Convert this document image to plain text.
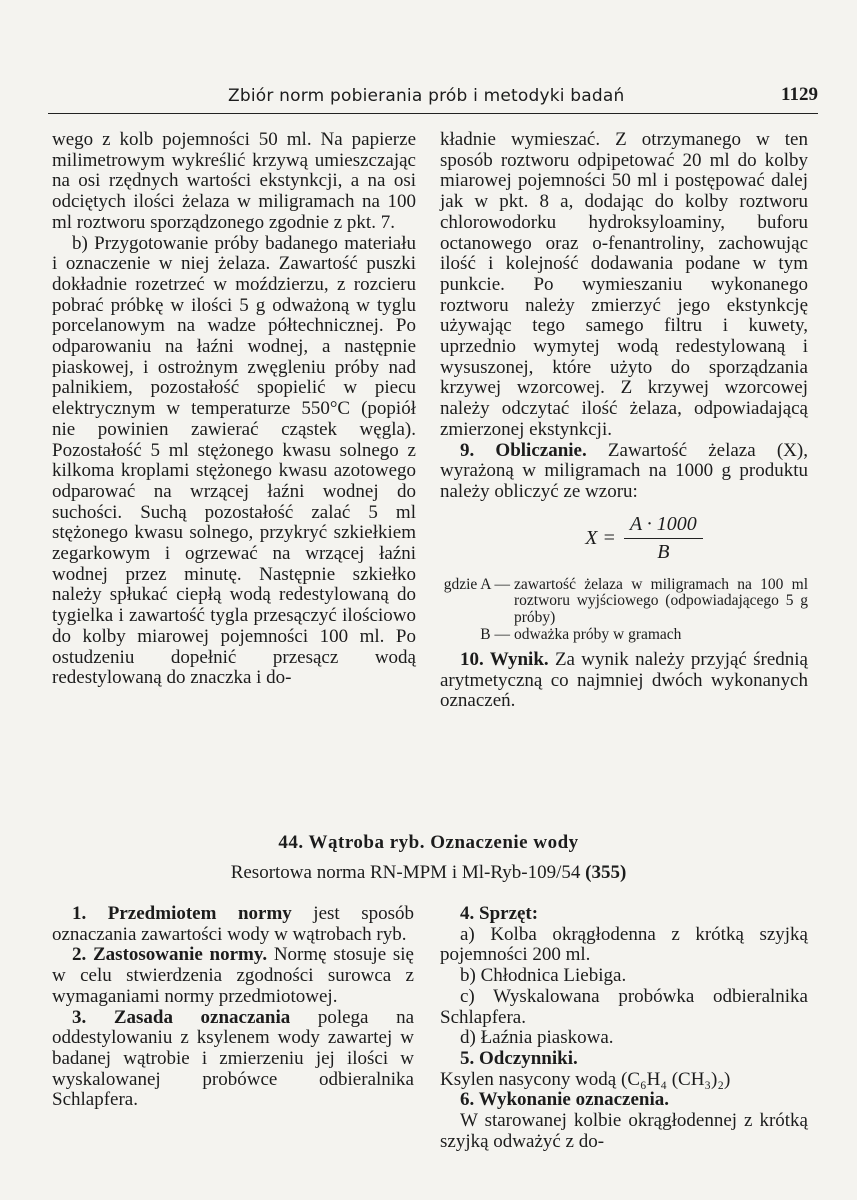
Zbiór norm pobierania prób i metodyki badań	1129

wego z kolb pojemności 50 ml. Na papierze milimetrowym wykreślić krzywą umieszczając na osi rzędnych wartości ekstynkcji, a na osi odciętych ilości żelaza w miligramach na 100 ml roztworu sporządzonego zgodnie z pkt. 7.

b) Przygotowanie próby badanego materiału i oznaczenie w niej żelaza. Zawartość puszki dokładnie rozetrzeć w moździerzu, z rozcieru pobrać próbkę w ilości 5 g odważoną w tyglu porcelanowym na wadze półtechnicznej. Po odparowaniu na łaźni wodnej, a następnie piaskowej, i ostrożnym zwęgleniu próby nad palnikiem, pozostałość spopielić w piecu elektrycznym w temperaturze 550°C (popiół nie powinien zawierać cząstek węgla). Pozostałość 5 ml stężonego kwasu solnego z kilkoma kroplami stężonego kwasu azotowego odparować na wrzącej łaźni wodnej do suchości. Suchą pozostałość zalać 5 ml stężonego kwasu solnego, przykryć szkiełkiem zegarkowym i ogrzewać na wrzącej łaźni wodnej przez minutę. Następnie szkiełko należy spłukać ciepłą wodą redestylowaną do tygielka i zawartość tygla przesączyć ilościowo do kolby miarowej pojemności 100 ml. Po ostudzeniu dopełnić przesącz wodą redestylowaną do znaczka i do-

kładnie wymieszać. Z otrzymanego w ten sposób roztworu odpipetować 20 ml do kolby miarowej pojemności 50 ml i postępować dalej jak w pkt. 8 a, dodając do kolby roztworu chlorowodorku hydroksyloaminy, buforu octanowego oraz o-fenantroliny, zachowując ilość i kolejność dodawania podane w tym punkcie. Po wymieszaniu wykonanego roztworu należy zmierzyć jego ekstynkcję używając tego samego filtru i kuwety, uprzednio wymytej wodą redestylowaną i wysuszonej, które użyto do sporządzania krzywej wzorcowej. Z krzywej wzorcowej należy odczytać ilość żelaza, odpowiadającą zmierzonej ekstynkcji.

9. Obliczanie. Zawartość żelaza (X), wyrażoną w miligramach na 1000 g produktu należy obliczyć ze wzoru:

$X = \frac{A \cdot 1000}{B}$
gdzie A — zawartość żelaza w miligramach na 100 ml roztworu wyjściowego (odpowiadającego 5 g próby)
B — odważka próby w gramach

10. Wynik. Za wynik należy przyjąć średnią arytmetyczną co najmniej dwóch wykonanych oznaczeń.

44. Wątroba ryb. Oznaczenie wody
Resortowa norma RN-MPM i Ml-Ryb-109/54 (355)

1. Przedmiotem normy jest sposób oznaczania zawartości wody w wątrobach ryb.

2. Zastosowanie normy. Normę stosuje się w celu stwierdzenia zgodności surowca z wymaganiami normy przedmiotowej.

3. Zasada oznaczania polega na oddestylowaniu z ksylenem wody zawartej w badanej wątrobie i zmierzeniu jej ilości w wyskalowanej probówce odbieralnika Schlapfera.

4. Sprzęt:

a) Kolba okrągłodenna z krótką szyjką pojemności 200 ml.

b) Chłodnica Liebiga.

c) Wyskalowana probówka odbieralnika Schlapfera.

d) Łaźnia piaskowa.

5. Odczynniki.

Ksylen nasycony wodą (C₆H₄ (CH₃)₂)

6. Wykonanie oznaczenia.

W starowanej kolbie okrągłodennej z krótką szyjką odważyć z do-
